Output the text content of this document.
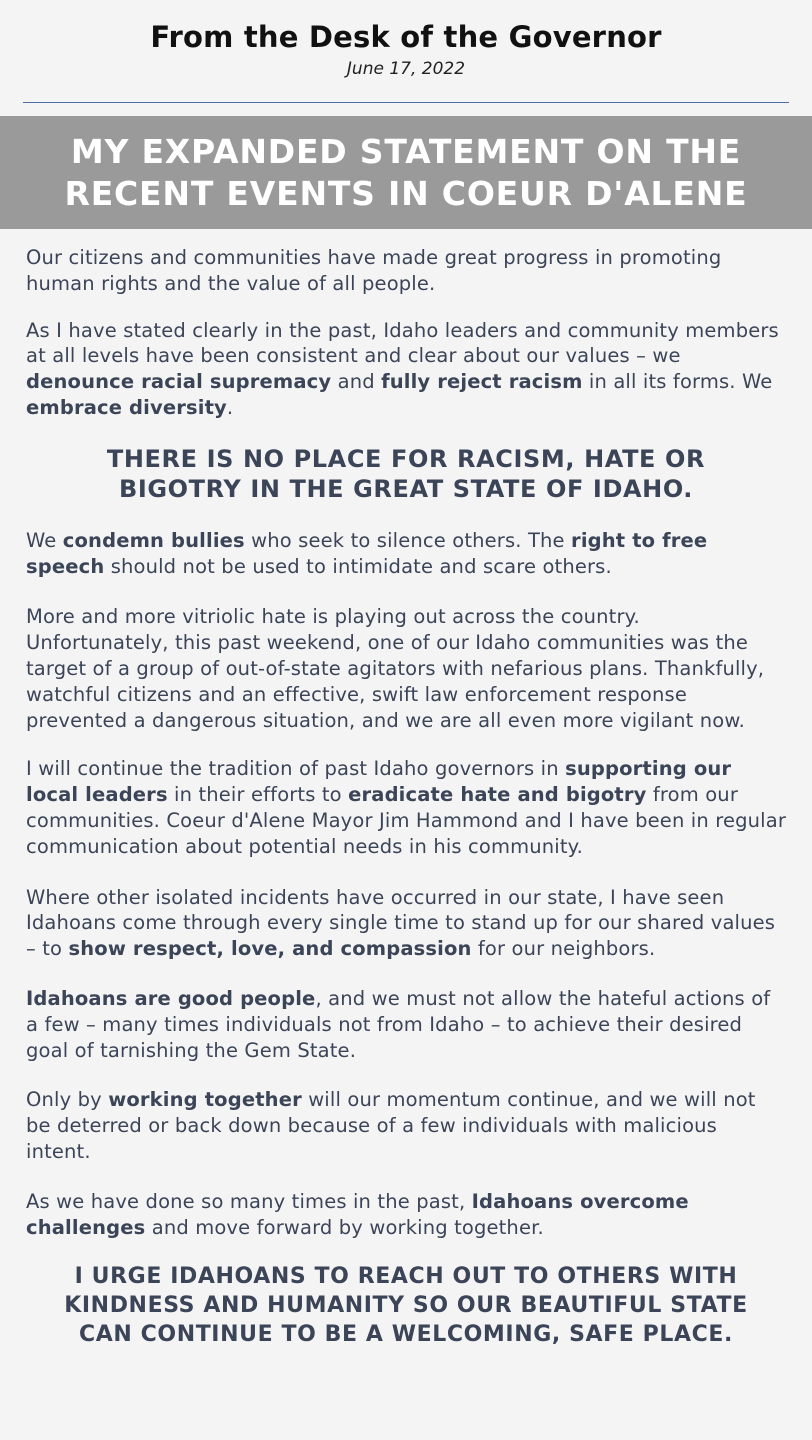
From the Desk of the Governor
June 17, 2022
MY EXPANDED STATEMENT ON THE
RECENT EVENTS IN COEUR D'ALENE

Our citizens and communities have made great progress in promoting human rights and the value of all people.

As I have stated clearly in the past, Idaho leaders and community members at all levels have been consistent and clear about our values – we denounce racial supremacy and fully reject racism in all its forms. We embrace diversity.

THERE IS NO PLACE FOR RACISM, HATE OR
BIGOTRY IN THE GREAT STATE OF IDAHO.

We condemn bullies who seek to silence others. The right to free speech should not be used to intimidate and scare others.

More and more vitriolic hate is playing out across the country. Unfortunately, this past weekend, one of our Idaho communities was the target of a group of out-of-state agitators with nefarious plans. Thankfully, watchful citizens and an effective, swift law enforcement response prevented a dangerous situation, and we are all even more vigilant now.

I will continue the tradition of past Idaho governors in supporting our local leaders in their efforts to eradicate hate and bigotry from our communities. Coeur d'Alene Mayor Jim Hammond and I have been in regular communication about potential needs in his community.

Where other isolated incidents have occurred in our state, I have seen Idahoans come through every single time to stand up for our shared values – to show respect, love, and compassion for our neighbors.

Idahoans are good people, and we must not allow the hateful actions of a few – many times individuals not from Idaho – to achieve their desired goal of tarnishing the Gem State.

Only by working together will our momentum continue, and we will not be deterred or back down because of a few individuals with malicious intent.

As we have done so many times in the past, Idahoans overcome challenges and move forward by working together.

I URGE IDAHOANS TO REACH OUT TO OTHERS WITH
KINDNESS AND HUMANITY SO OUR BEAUTIFUL STATE
CAN CONTINUE TO BE A WELCOMING, SAFE PLACE.
